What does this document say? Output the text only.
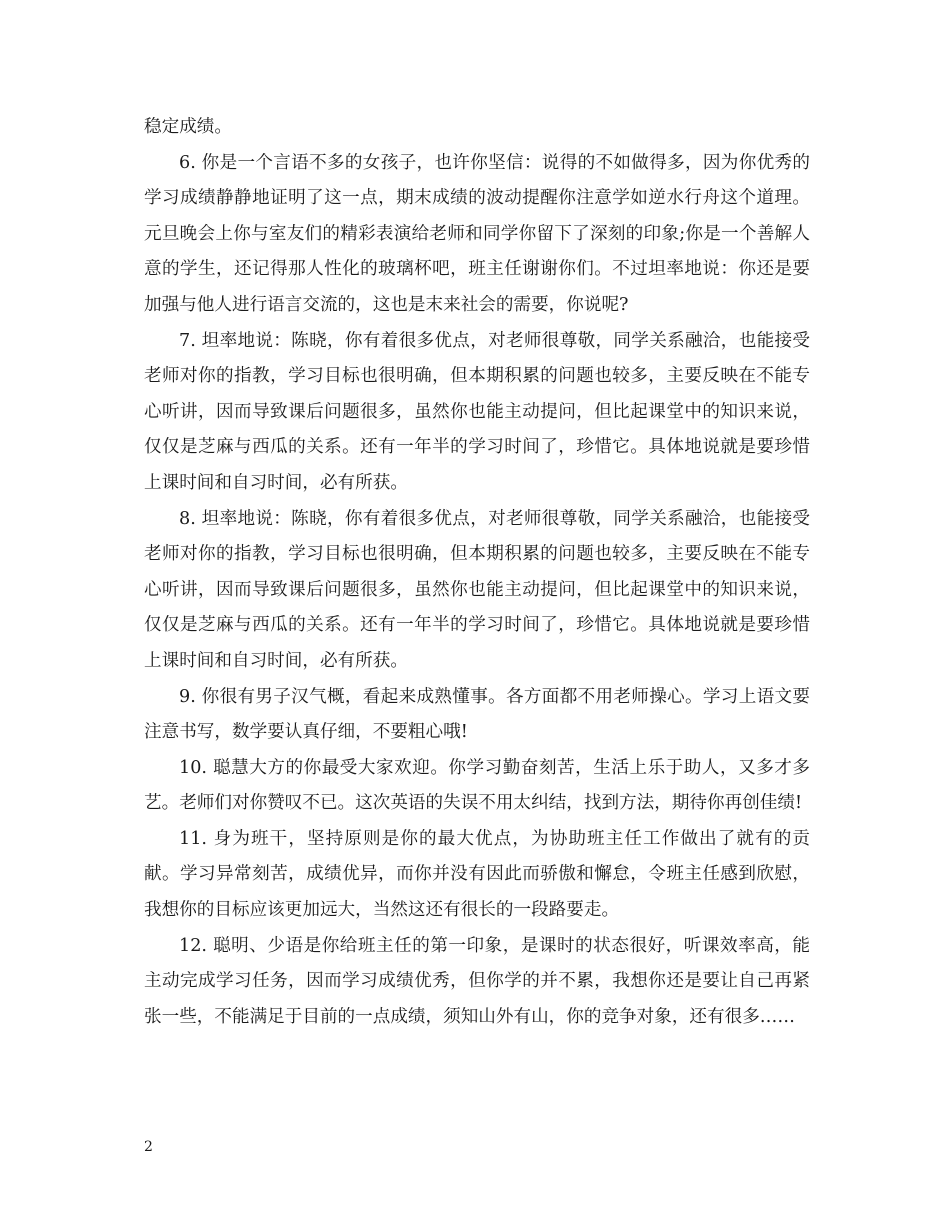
稳定成绩。

6. 你是一个言语不多的女孩子，也许你坚信：说得的不如做得多，因为你优秀的学习成绩静静地证明了这一点，期末成绩的波动提醒你注意学如逆水行舟这个道理。元旦晚会上你与室友们的精彩表演给老师和同学你留下了深刻的印象;你是一个善解人意的学生，还记得那人性化的玻璃杯吧，班主任谢谢你们。不过坦率地说：你还是要加强与他人进行语言交流的，这也是末来社会的需要，你说呢?

7. 坦率地说：陈晓，你有着很多优点，对老师很尊敬，同学关系融洽，也能接受老师对你的指教，学习目标也很明确，但本期积累的问题也较多，主要反映在不能专心听讲，因而导致课后问题很多，虽然你也能主动提问，但比起课堂中的知识来说，仅仅是芝麻与西瓜的关系。还有一年半的学习时间了，珍惜它。具体地说就是要珍惜上课时间和自习时间，必有所获。

8. 坦率地说：陈晓，你有着很多优点，对老师很尊敬，同学关系融洽，也能接受老师对你的指教，学习目标也很明确，但本期积累的问题也较多，主要反映在不能专心听讲，因而导致课后问题很多，虽然你也能主动提问，但比起课堂中的知识来说，仅仅是芝麻与西瓜的关系。还有一年半的学习时间了，珍惜它。具体地说就是要珍惜上课时间和自习时间，必有所获。

9. 你很有男子汉气概，看起来成熟懂事。各方面都不用老师操心。学习上语文要注意书写，数学要认真仔细，不要粗心哦!

10. 聪慧大方的你最受大家欢迎。你学习勤奋刻苦，生活上乐于助人，又多才多艺。老师们对你赞叹不已。这次英语的失误不用太纠结，找到方法，期待你再创佳绩!

11. 身为班干，坚持原则是你的最大优点，为协助班主任工作做出了就有的贡献。学习异常刻苦，成绩优异，而你并没有因此而骄傲和懈怠，令班主任感到欣慰，我想你的目标应该更加远大，当然这还有很长的一段路要走。

12. 聪明、少语是你给班主任的第一印象，是课时的状态很好，听课效率高，能主动完成学习任务，因而学习成绩优秀，但你学的并不累，我想你还是要让自己再紧张一些，不能满足于目前的一点成绩，须知山外有山，你的竞争对象，还有很多……

2
